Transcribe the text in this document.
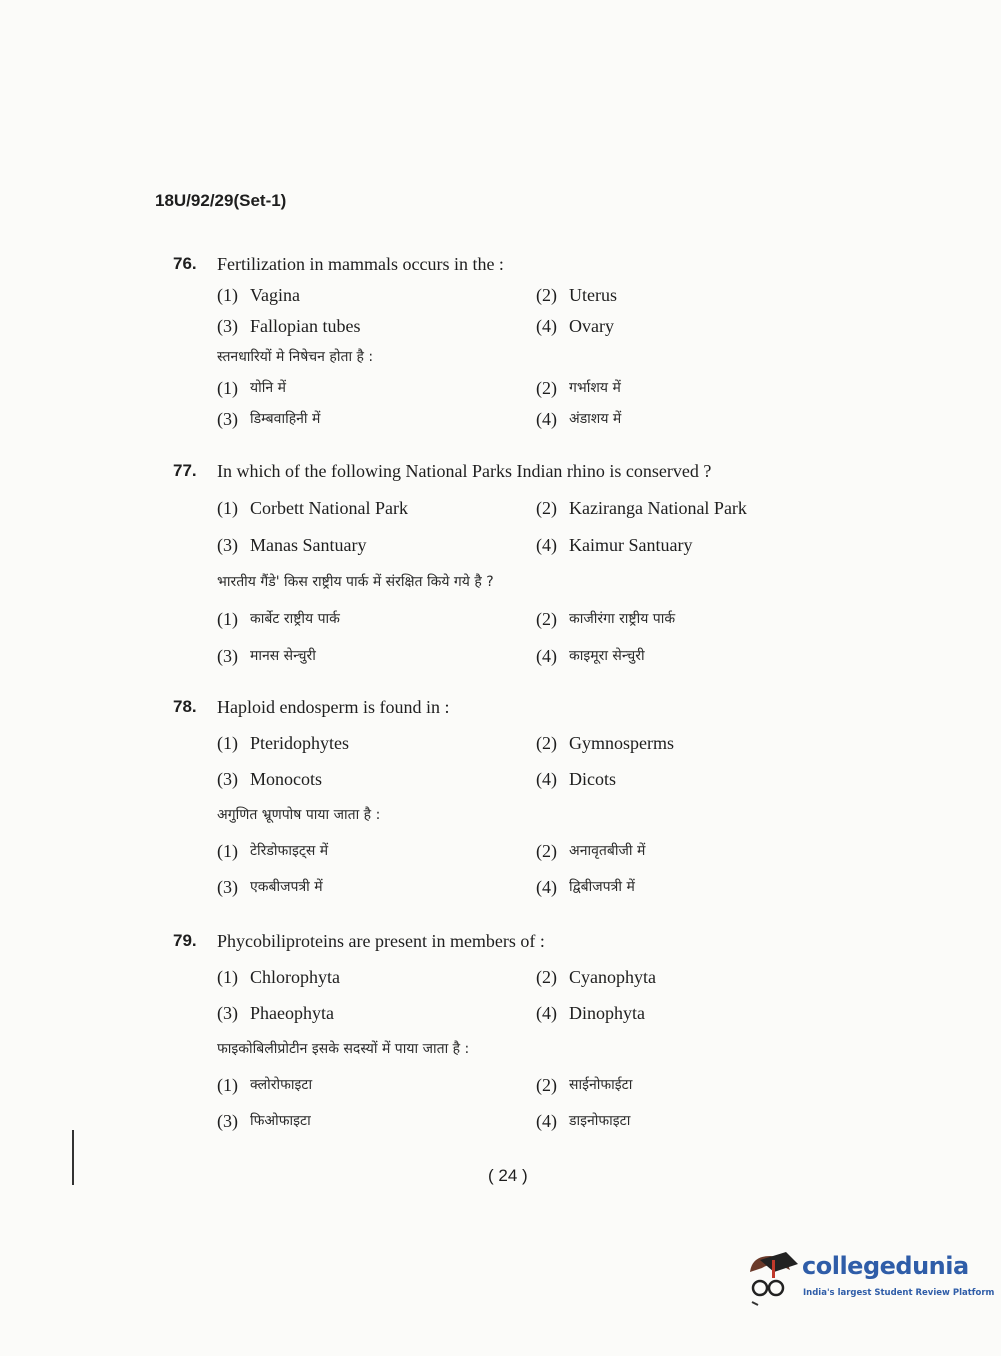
18U/92/29(Set-1)
76.	Fertilization in mammals occurs in the :
(1) Vagina	(2) Uterus
(3) Fallopian tubes	(4) Ovary
स्तनधारियों मे निषेचन होता है :
(1) योनि में	(2) गर्भाशय में
(3) डिम्बवाहिनी में	(4) अंडाशय में
77.	In which of the following National Parks Indian rhino is conserved ?
(1) Corbett National Park	(2) Kaziranga National Park
(3) Manas Santuary	(4) Kaimur Santuary
भारतीय गैंडे' किस राष्ट्रीय पार्क में संरक्षित किये गये है ?
(1) कार्बेट राष्ट्रीय पार्क	(2) काजीरंगा राष्ट्रीय पार्क
(3) मानस सेन्चुरी	(4) काइमूरा सेन्चुरी
78.	Haploid endosperm is found in :
(1) Pteridophytes	(2) Gymnosperms
(3) Monocots	(4) Dicots
अगुणित भ्रूणपोष पाया जाता है :
(1) टेरिडोफाइट्स में	(2) अनावृतबीजी में
(3) एकबीजपत्री में	(4) द्विबीजपत्री में
79.	Phycobiliproteins are present in members of :
(1) Chlorophyta	(2) Cyanophyta
(3) Phaeophyta	(4) Dinophyta
फाइकोबिलीप्रोटीन इसके सदस्यों में पाया जाता है :
(1) क्लोरोफाइटा	(2) साईनोफाईटा
(3) फिओफाइटा	(4) डाइनोफाइटा
( 24 )
collegedunia
India's largest Student Review Platform
